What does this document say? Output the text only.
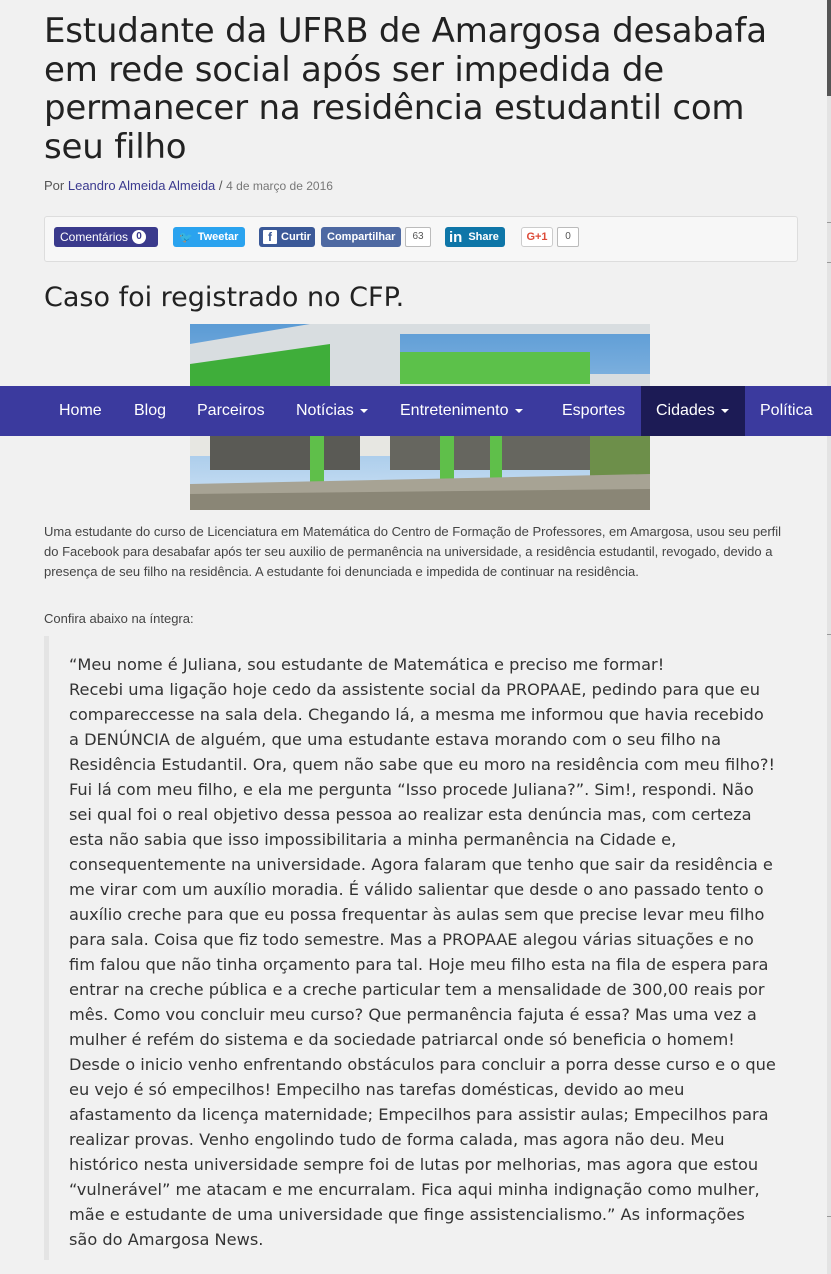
Estudante da UFRB de Amargosa desabafa em rede social após ser impedida de permanecer na residência estudantil com seu filho
Por Leandro Almeida Almeida / 4 de março de 2016
Comentários 0	🐦 Tweetar	f Curtir Compartilhar	63	in Share	G+1	0
Caso foi registrado no CFP.

Uma estudante do curso de Licenciatura em Matemática do Centro de Formação de Professores, em Amargosa, usou seu perfil do Facebook para desabafar após ter seu auxilio de permanência na universidade, a residência estudantil, revogado, devido a presença de seu filho na residência. A estudante foi denunciada e impedida de continuar na residência.

Confira abaixo na íntegra:

“Meu nome é Juliana, sou estudante de Matemática e preciso me formar!

Recebi uma ligação hoje cedo da assistente social da PROPAAE, pedindo para que eu compareccesse na sala dela. Chegando lá, a mesma me informou que havia recebido a DENÚNCIA de alguém, que uma estudante estava morando com o seu filho na Residência Estudantil. Ora, quem não sabe que eu moro na residência com meu filho?! Fui lá com meu filho, e ela me pergunta “Isso procede Juliana?”. Sim!, respondi. Não sei qual foi o real objetivo dessa pessoa ao realizar esta denúncia mas, com certeza esta não sabia que isso impossibilitaria a minha permanência na Cidade e, consequentemente na universidade. Agora falaram que tenho que sair da residência e me virar com um auxílio moradia. É válido salientar que desde o ano passado tento o auxílio creche para que eu possa frequentar às aulas sem que precise levar meu filho para sala. Coisa que fiz todo semestre. Mas a PROPAAE alegou várias situações e no fim falou que não tinha orçamento para tal. Hoje meu filho esta na fila de espera para entrar na creche pública e a creche particular tem a mensalidade de 300,00 reais por mês. Como vou concluir meu curso? Que permanência fajuta é essa? Mas uma vez a mulher é refém do sistema e da sociedade patriarcal onde só beneficia o homem! Desde o inicio venho enfrentando obstáculos para concluir a porra desse curso e o que eu vejo é só empecilhos! Empecilho nas tarefas domésticas, devido ao meu afastamento da licença maternidade; Empecilhos para assistir aulas; Empecilhos para realizar provas. Venho engolindo tudo de forma calada, mas agora não deu. Meu histórico nesta universidade sempre foi de lutas por melhorias, mas agora que estou “vulnerável” me atacam e me encurralam. Fica aqui minha indignação como mulher, mãe e estudante de uma universidade que finge assistencialismo.” As informações são do Amargosa News.

Home	Blog	Parceiros	Notícias	Entretenimento	Esportes	Cidades	Política
